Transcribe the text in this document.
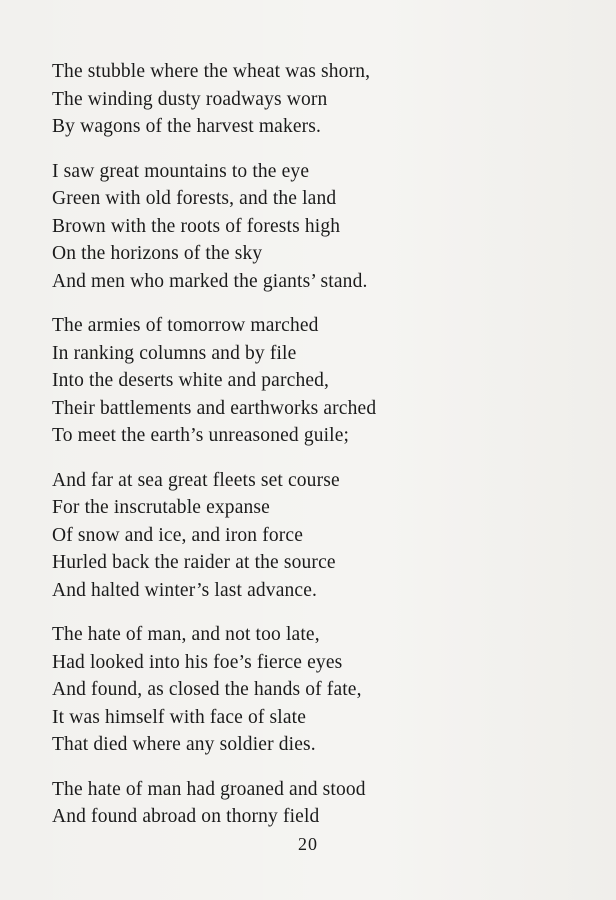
The stubble where the wheat was shorn,
The winding dusty roadways worn
By wagons of the harvest makers.
I saw great mountains to the eye
Green with old forests, and the land
Brown with the roots of forests high
On the horizons of the sky
And men who marked the giants’ stand.
The armies of tomorrow marched
In ranking columns and by file
Into the deserts white and parched,
Their battlements and earthworks arched
To meet the earth’s unreasoned guile;
And far at sea great fleets set course
For the inscrutable expanse
Of snow and ice, and iron force
Hurled back the raider at the source
And halted winter’s last advance.
The hate of man, and not too late,
Had looked into his foe’s fierce eyes
And found, as closed the hands of fate,
It was himself with face of slate
That died where any soldier dies.
The hate of man had groaned and stood
And found abroad on thorny field
20
